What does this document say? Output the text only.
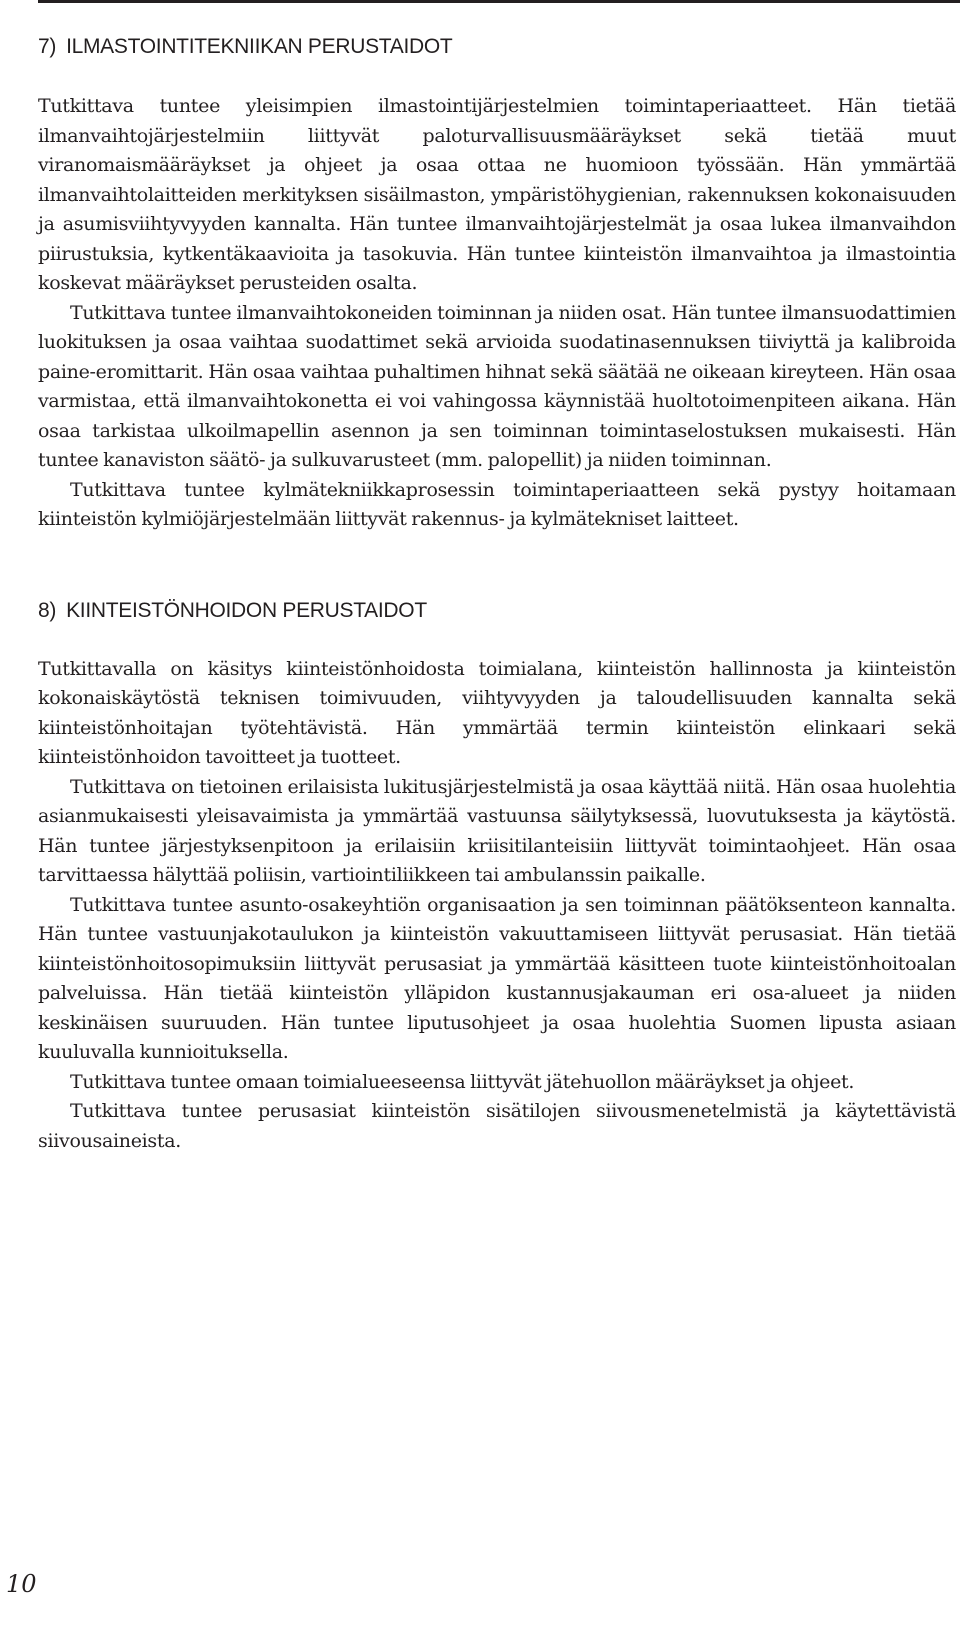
7) ILMASTOINTITEKNIIKAN PERUSTAIDOT

Tutkittava tuntee yleisimpien ilmastointijärjestelmien toimintaperiaatteet. Hän tietää ilmanvaihtojärjestelmiin liittyvät paloturvallisuusmääräykset sekä tietää muut viranomaismääräykset ja ohjeet ja osaa ottaa ne huomioon työssään. Hän ymmärtää ilmanvaihtolaitteiden merkityksen sisäilmaston, ympäristöhygienian, rakennuksen kokonaisuuden ja asumisviihtyvyyden kannalta. Hän tuntee ilmanvaihtojärjestelmät ja osaa lukea ilmanvaihdon piirustuksia, kytkentäkaavioita ja tasokuvia. Hän tuntee kiinteistön ilmanvaihtoa ja ilmastointia koskevat määräykset perusteiden osalta.

Tutkittava tuntee ilmanvaihtokoneiden toiminnan ja niiden osat. Hän tuntee ilmansuodattimien luokituksen ja osaa vaihtaa suodattimet sekä arvioida suodatinasennuksen tiiviyttä ja kalibroida paine-eromittarit. Hän osaa vaihtaa puhaltimen hihnat sekä säätää ne oikeaan kireyteen. Hän osaa varmistaa, että ilmanvaihtokonetta ei voi vahingossa käynnistää huoltotoimenpiteen aikana. Hän osaa tarkistaa ulkoilmapellin asennon ja sen toiminnan toimintaselostuksen mukaisesti. Hän tuntee kanaviston säätö- ja sulkuvarusteet (mm. palopellit) ja niiden toiminnan.

Tutkittava tuntee kylmätekniikkaprosessin toimintaperiaatteen sekä pystyy hoitamaan kiinteistön kylmiöjärjestelmään liittyvät rakennus- ja kylmätekniset laitteet.

8) KIINTEISTÖNHOIDON PERUSTAIDOT

Tutkittavalla on käsitys kiinteistönhoidosta toimialana, kiinteistön hallinnosta ja kiinteistön kokonaiskäytöstä teknisen toimivuuden, viihtyvyyden ja taloudellisuuden kannalta sekä kiinteistönhoitajan työtehtävistä. Hän ymmärtää termin kiinteistön elinkaari sekä kiinteistönhoidon tavoitteet ja tuotteet.

Tutkittava on tietoinen erilaisista lukitusjärjestelmistä ja osaa käyttää niitä. Hän osaa huolehtia asianmukaisesti yleisavaimista ja ymmärtää vastuunsa säilytyksessä, luovutuksesta ja käytöstä. Hän tuntee järjestyksenpitoon ja erilaisiin kriisitilanteisiin liittyvät toimintaohjeet. Hän osaa tarvittaessa hälyttää poliisin, vartiointiliikkeen tai ambulanssin paikalle.

Tutkittava tuntee asunto-osakeyhtiön organisaation ja sen toiminnan päätöksenteon kannalta. Hän tuntee vastuunjakotaulukon ja kiinteistön vakuuttamiseen liittyvät perusasiat. Hän tietää kiinteistönhoitosopimuksiin liittyvät perusasiat ja ymmärtää käsitteen tuote kiinteistönhoitoalan palveluissa. Hän tietää kiinteistön ylläpidon kustannusjakauman eri osa-alueet ja niiden keskinäisen suuruuden. Hän tuntee liputusohjeet ja osaa huolehtia Suomen lipusta asiaan kuuluvalla kunnioituksella.

Tutkittava tuntee omaan toimialueeseensa liittyvät jätehuollon määräykset ja ohjeet.

Tutkittava tuntee perusasiat kiinteistön sisätilojen siivousmenetelmistä ja käytettävistä siivousaineista.

10
